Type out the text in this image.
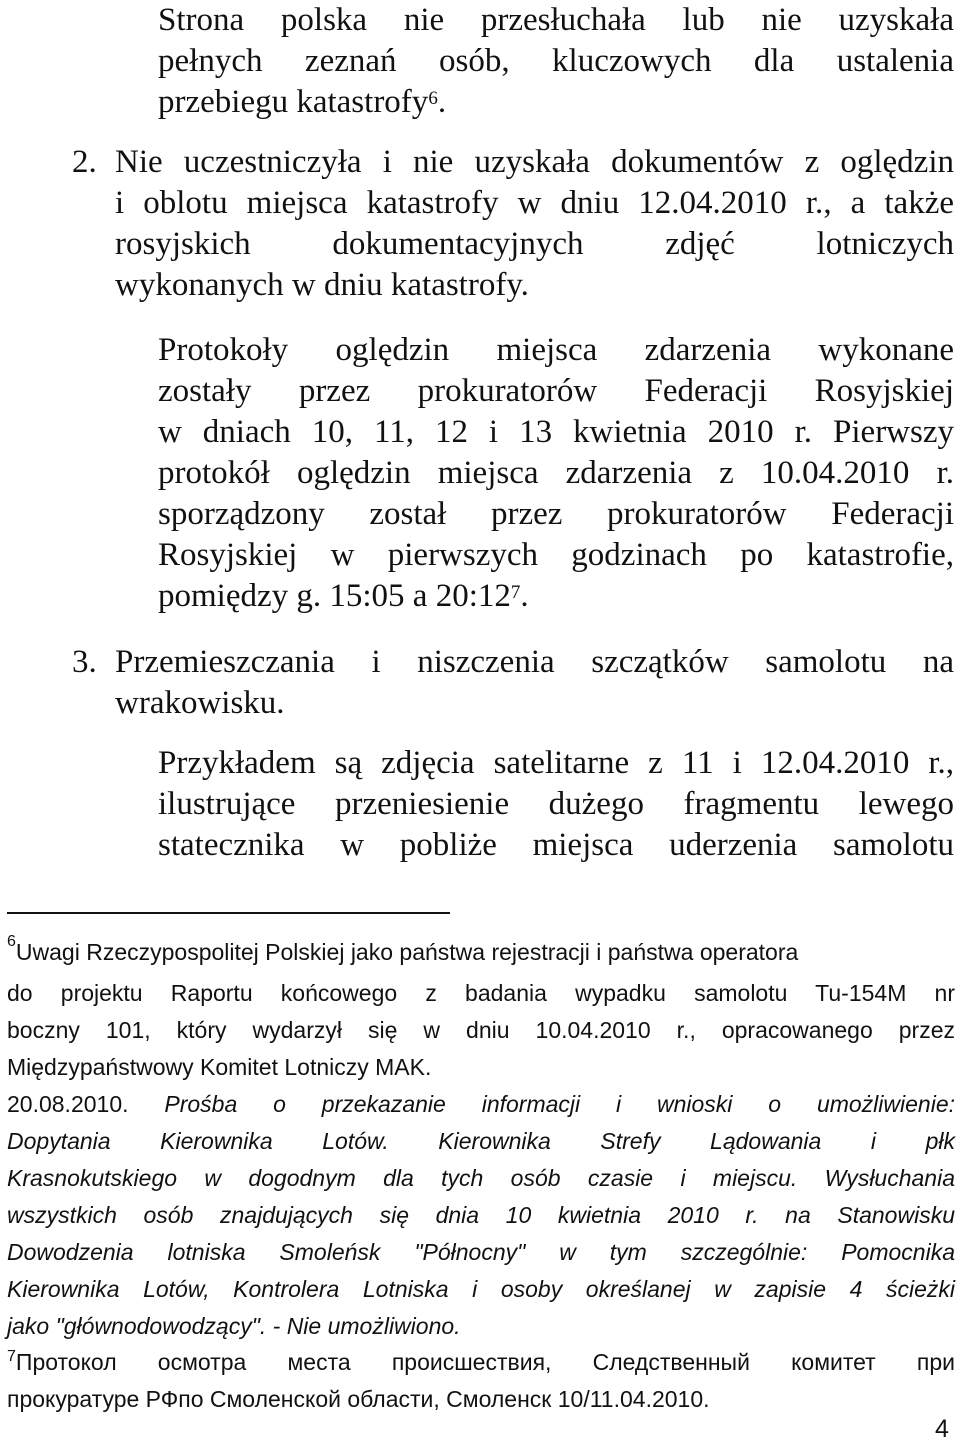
Strona polska nie przesłuchała lub nie uzyskała
pełnych zeznań osób, kluczowych dla ustalenia
przebiegu katastrofy$^6$.
2. Nie uczestniczyła i nie uzyskała dokumentów z oględzin
i oblotu miejsca katastrofy w dniu 12.04.2010 r., a także
rosyjskich dokumentacyjnych zdjęć lotniczych
wykonanych w dniu katastrofy.
Protokoły oględzin miejsca zdarzenia wykonane
zostały przez prokuratorów Federacji Rosyjskiej
w dniach 10, 11, 12 i 13 kwietnia 2010 r. Pierwszy
protokół oględzin miejsca zdarzenia z 10.04.2010 r.
sporządzony został przez prokuratorów Federacji
Rosyjskiej w pierwszych godzinach po katastrofie,
pomiędzy g. 15:05 a $20:12^7$.
3. Przemieszczania i niszczenia szczątków samolotu na
wrakowisku.
Przykładem są zdjęcia satelitarne z 11 i 12.04.2010 r.,
ilustrujące przeniesienie dużego fragmentu lewego
statecznika w pobliże miejsca uderzenia samolotu
$^6$Uwagi Rzeczypospolitej Polskiej jako państwa rejestracji i państwa operatora
do projektu Raportu końcowego z badania wypadku samolotu Tu-154M nr
boczny 101, który wydarzył się w dniu 10.04.2010 r., opracowanego przez
Międzypaństwowy Komitet Lotniczy MAK.
20.08.2010. Prośba o przekazanie informacji i wnioski o umożliwienie:
Dopytania Kierownika Lotów. Kierownika Strefy Lądowania i płk
Krasnokutskiego w dogodnym dla tych osób czasie i miejscu. Wysłuchania
wszystkich osób znajdujących się dnia 10 kwietnia 2010 r. na Stanowisku
Dowodzenia lotniska Smoleńsk "Północny" w tym szczególnie: Pomocnika
Kierownika Lotów, Kontrolera Lotniska i osoby określanej w zapisie 4 ścieżki
jako "głównodowodzący". - Nie umożliwiono.
$^7$Протокол осмотра места происшествия, Следственный комитет при
прокуратуре РФпо Смоленской области, Смоленск 10/11.04.2010.
4
